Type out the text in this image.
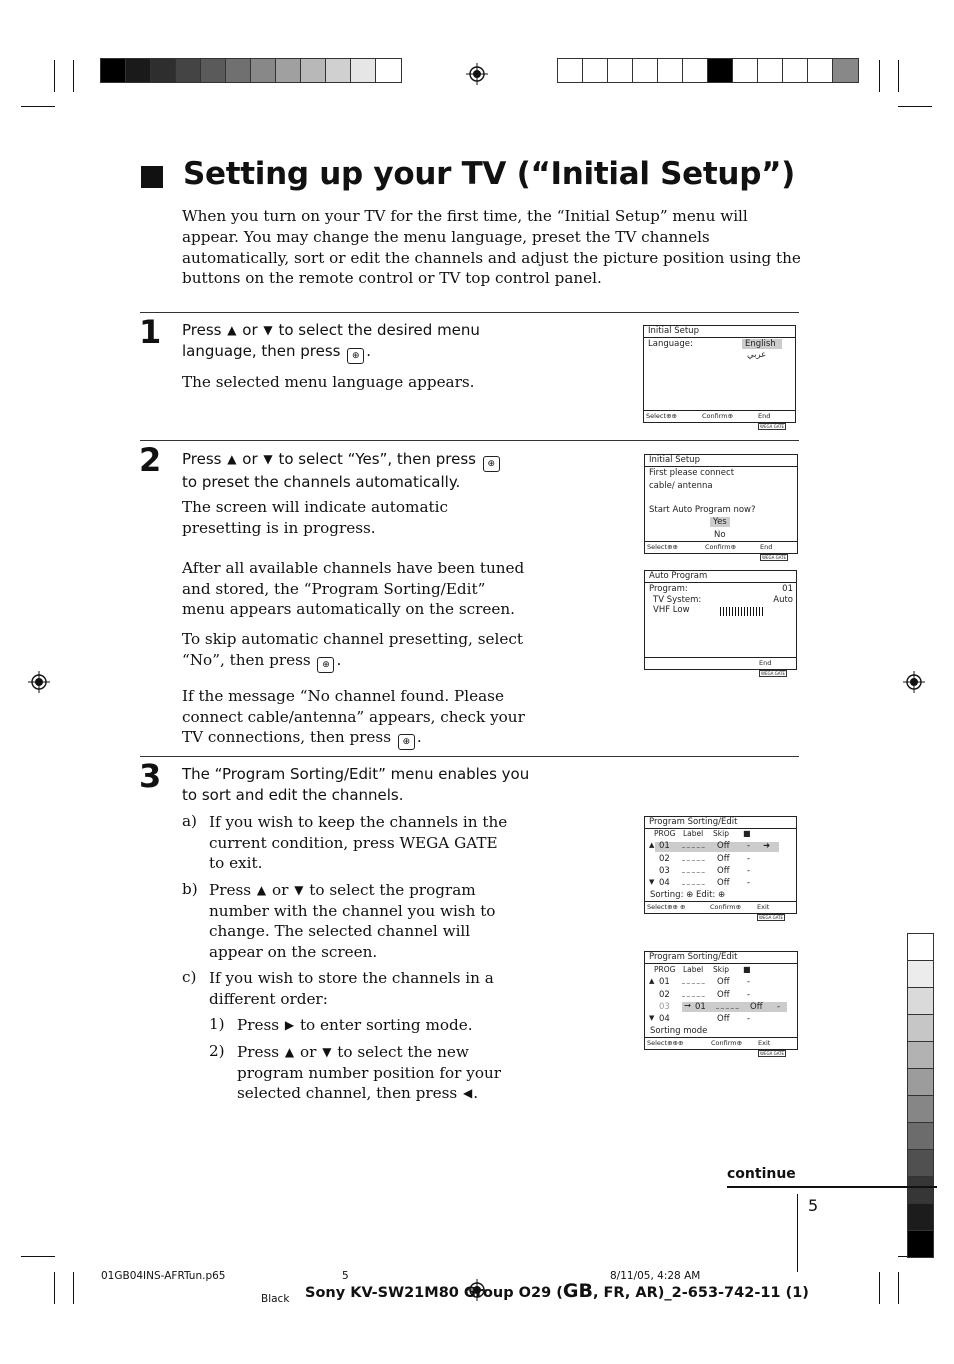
Setting up your TV (“Initial Setup”)
When you turn on your TV for the first time, the “Initial Setup” menu will appear. You may change the menu language, preset the TV channels automatically, sort or edit the channels and adjust the picture position using the buttons on the remote control or TV top control panel.
1 Press ▲ or ▼ to select the desired menu
language, then press ⊕ .
The selected menu language appears.
Initial Setup
Language:	English
عربي
Select⊕⊕	Confirm⊕	EndWEGA GATE
2 Press ▲ or ▼ to select “Yes”, then press ⊕
to preset the channels automatically.
The screen will indicate automatic presetting is in progress.
After all available channels have been tuned and stored, the “Program Sorting/Edit” menu appears automatically on the screen.
To skip automatic channel presetting, select “No”, then press ⊕ .
If the message “No channel found. Please connect cable/antenna” appears, check your TV connections, then press ⊕ .
Initial Setup
First please connect
cable/ antenna
Start Auto Program now?
Yes
No
Select⊕⊕	Confirm⊕	EndWEGA GATE
Auto Program
Program:	01
TV System:	Auto
VHF Low
EndWEGA GATE
3 The “Program Sorting/Edit” menu enables you to sort and edit the channels.
a) If you wish to keep the channels in the current condition, press WEGA GATE to exit.
b) Press ▲ or ▼ to select the program number with the channel you wish to change. The selected channel will appear on the screen.
c) If you wish to store the channels in a different order:
1) Press ▶ to enter sorting mode.
2) Press ▲ or ▼ to select the new program number position for your selected channel, then press ◀.
Program Sorting/Edit
PROG Label Skip ■
▲ 01 _ _ _ _ _ Off - ➜
02 _ _ _ _ _ Off -
03 _ _ _ _ _ Off -
▼ 04 _ _ _ _ _ Off -
Sorting: ⊕ Edit: ⊕
Select⊕⊕ ⊕	Confirm⊕ ExitWEGA GATE
Program Sorting/Edit
PROG Label Skip ■
▲ 01 _ _ _ _ _ Off -
02 _ _ _ _ _ Off -
03 ➞ 01 _ _ _ _ _ Off -
▼ 04	Off -
Sorting mode
Select⊕⊕⊕	Confirm⊕ ExitWEGA GATE
continue
5
01GB04INS-AFRTun.p65	5	8/11/05, 4:28 AM
Black Sony KV-SW21M80 Group O29 (GB, FR, AR)_2-653-742-11 (1)
